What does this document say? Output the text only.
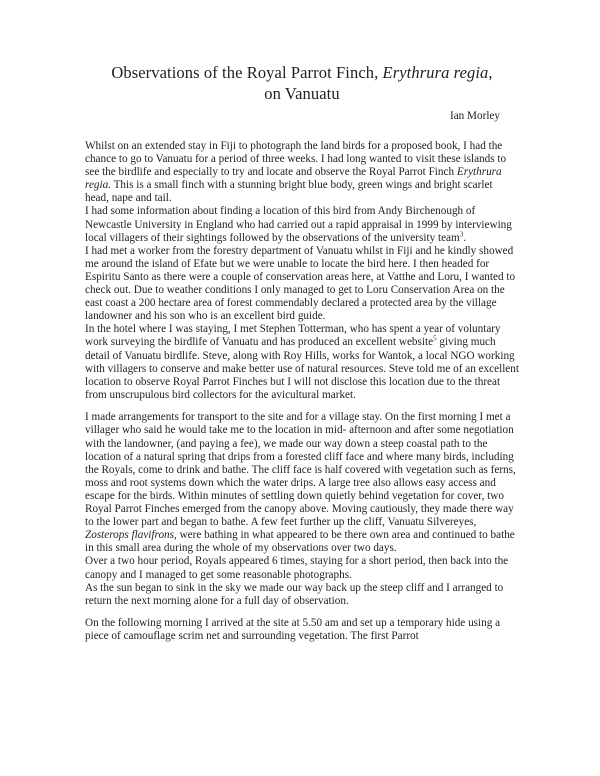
Observations of the Royal Parrot Finch, Erythrura regia,
on Vanuatu
Ian Morley

Whilst on an extended stay in Fiji to photograph the land birds for a proposed book, I had the chance to go to Vanuatu for a period of three weeks. I had long wanted to visit these islands to see the birdlife and especially to try and locate and observe the Royal Parrot Finch Erythrura regia. This is a small finch with a stunning bright blue body, green wings and bright scarlet head, nape and tail.

I had some information about finding a location of this bird from Andy Birchenough of Newcastle University in England who had carried out a rapid appraisal in 1999 by interviewing local villagers of their sightings followed by the observations of the university team$^3$.

I had met a worker from the forestry department of Vanuatu whilst in Fiji and he kindly showed me around the island of Efate but we were unable to locate the bird here. I then headed for Espiritu Santo as there were a couple of conservation areas here, at Vatthe and Loru, I wanted to check out. Due to weather conditions I only managed to get to Loru Conservation Area on the east coast a 200 hectare area of forest commendably declared a protected area by the village landowner and his son who is an excellent bird guide.

In the hotel where I was staying, I met Stephen Totterman, who has spent a year of voluntary work surveying the birdlife of Vanuatu and has produced an excellent website$^5$ giving much detail of Vanuatu birdlife. Steve, along with Roy Hills, works for Wantok, a local NGO working with villagers to conserve and make better use of natural resources. Steve told me of an excellent location to observe Royal Parrot Finches but I will not disclose this location due to the threat from unscrupulous bird collectors for the avicultural market.

I made arrangements for transport to the site and for a village stay. On the first morning I met a villager who said he would take me to the location in mid- afternoon and after some negotiation with the landowner, (and paying a fee), we made our way down a steep coastal path to the location of a natural spring that drips from a forested cliff face and where many birds, including the Royals, come to drink and bathe. The cliff face is half covered with vegetation such as ferns, moss and root systems down which the water drips. A large tree also allows easy access and escape for the birds. Within minutes of settling down quietly behind vegetation for cover, two Royal Parrot Finches emerged from the canopy above. Moving cautiously, they made there way to the lower part and began to bathe. A few feet further up the cliff, Vanuatu Silvereyes, Zosterops flavifrons, were bathing in what appeared to be there own area and continued to bathe in this small area during the whole of my observations over two days.

Over a two hour period, Royals appeared 6 times, staying for a short period, then back into the canopy and I managed to get some reasonable photographs.

As the sun began to sink in the sky we made our way back up the steep cliff and I arranged to return the next morning alone for a full day of observation.

On the following morning I arrived at the site at 5.50 am and set up a temporary hide using a piece of camouflage scrim net and surrounding vegetation. The first Parrot
